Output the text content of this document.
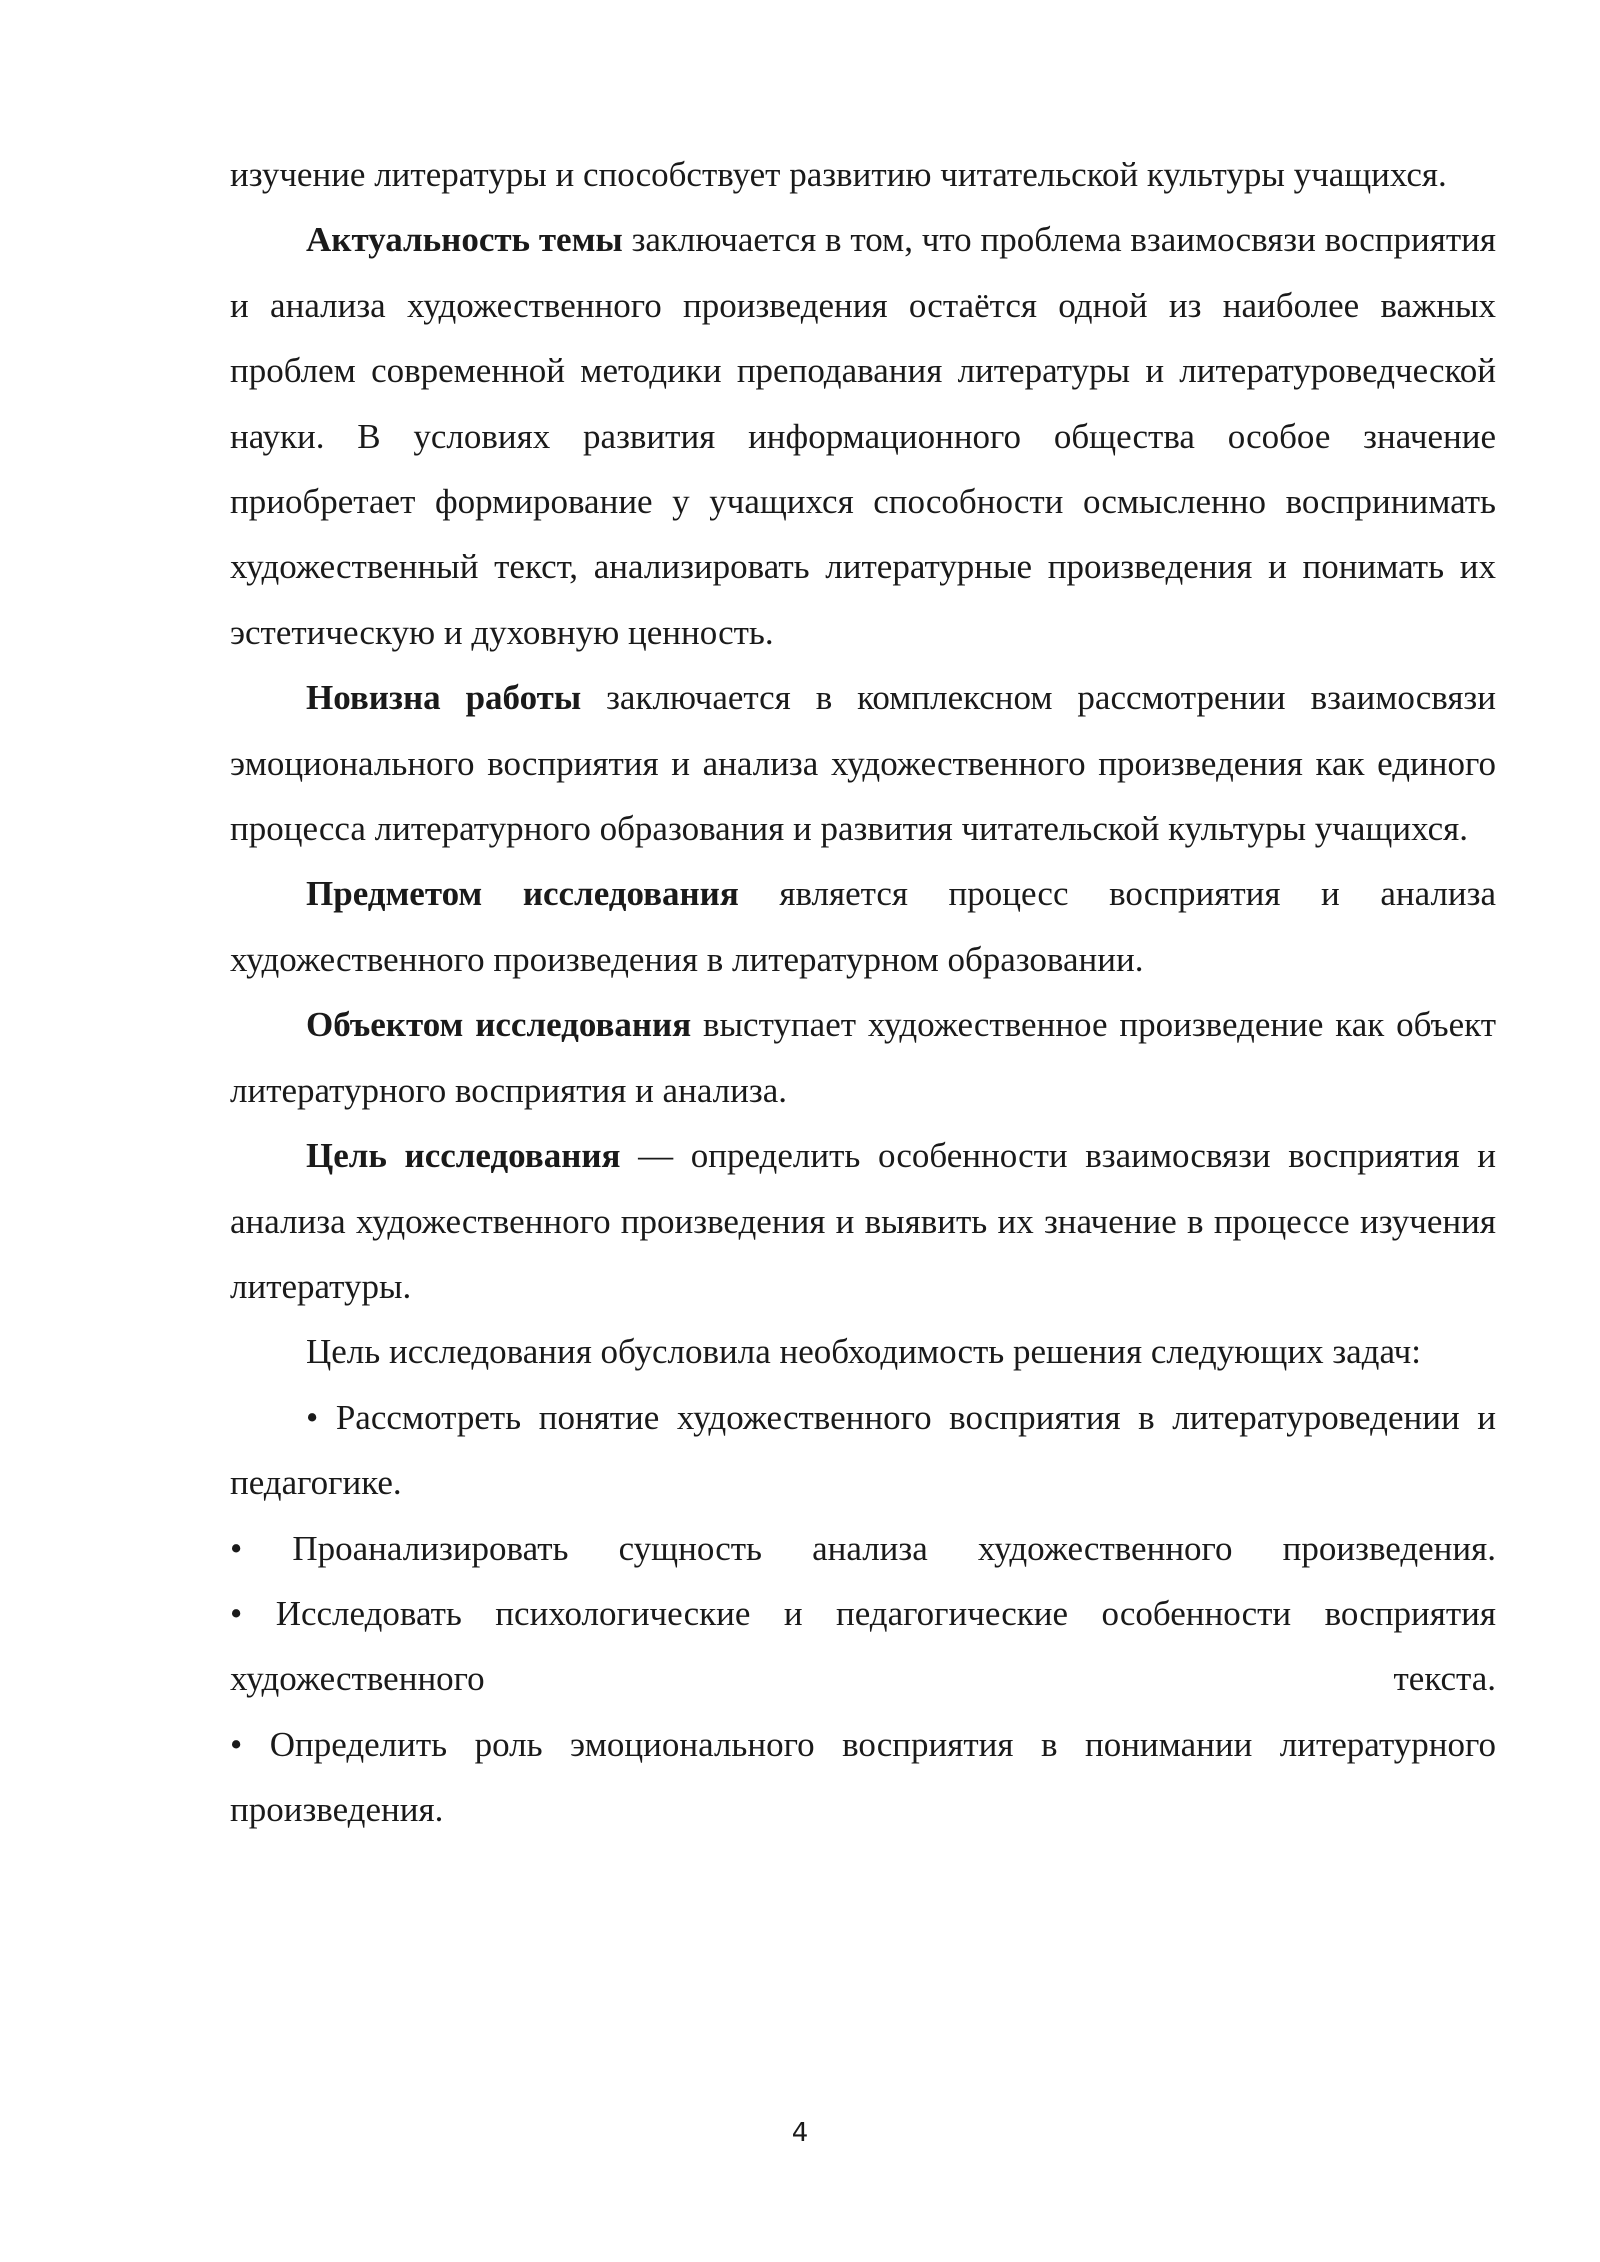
изучение литературы и способствует развитию читательской культуры учащихся.

Актуальность темы заключается в том, что проблема взаимосвязи восприятия и анализа художественного произведения остаётся одной из наиболее важных проблем современной методики преподавания литературы и литературоведческой науки. В условиях развития информационного общества особое значение приобретает формирование у учащихся способности осмысленно воспринимать художественный текст, анализировать литературные произведения и понимать их эстетическую и духовную ценность.

Новизна работы заключается в комплексном рассмотрении взаимосвязи эмоционального восприятия и анализа художественного произведения как единого процесса литературного образования и развития читательской культуры учащихся.

Предметом исследования является процесс восприятия и анализа художественного произведения в литературном образовании.

Объектом исследования выступает художественное произведение как объект литературного восприятия и анализа.

Цель исследования — определить особенности взаимосвязи восприятия и анализа художественного произведения и выявить их значение в процессе изучения литературы.

Цель исследования обусловила необходимость решения следующих задач:

• Рассмотреть понятие художественного восприятия в литературоведении и педагогике.

• Проанализировать сущность анализа художественного произведения.

• Исследовать психологические и педагогические особенности восприятия художественного текста.

• Определить роль эмоционального восприятия в понимании литературного произведения.

4
